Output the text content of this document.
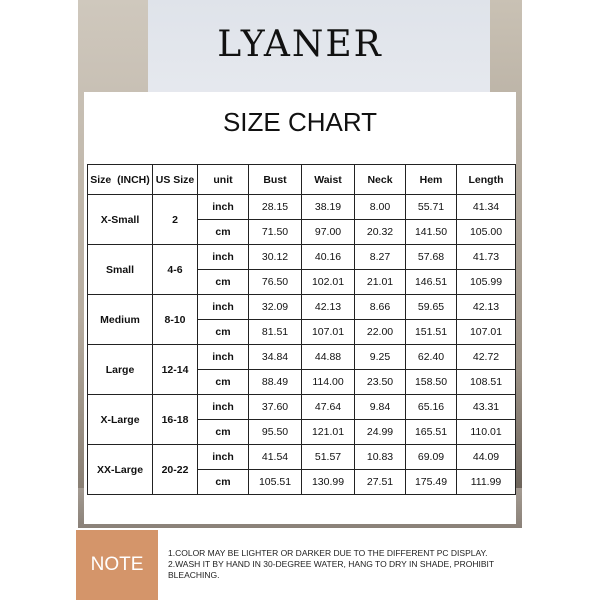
LYANER
SIZE CHART
Size  (INCH)	US Size	unit	Bust	Waist	Neck	Hem	Length
X-Small	2	inch	28.15	38.19	8.00	55.71	41.34
		cm	71.50	97.00	20.32	141.50	105.00
Small	4-6	inch	30.12	40.16	8.27	57.68	41.73
		cm	76.50	102.01	21.01	146.51	105.99
Medium	8-10	inch	32.09	42.13	8.66	59.65	42.13
		cm	81.51	107.01	22.00	151.51	107.01
Large	12-14	inch	34.84	44.88	9.25	62.40	42.72
		cm	88.49	114.00	23.50	158.50	108.51
X-Large	16-18	inch	37.60	47.64	9.84	65.16	43.31
		cm	95.50	121.01	24.99	165.51	110.01
XX-Large	20-22	inch	41.54	51.57	10.83	69.09	44.09
		cm	105.51	130.99	27.51	175.49	111.99
NOTE
1.COLOR MAY BE LIGHTER OR DARKER DUE TO THE DIFFERENT PC DISPLAY.
2.WASH IT BY HAND IN 30-DEGREE WATER, HANG TO DRY IN SHADE, PROHIBIT BLEACHING.
